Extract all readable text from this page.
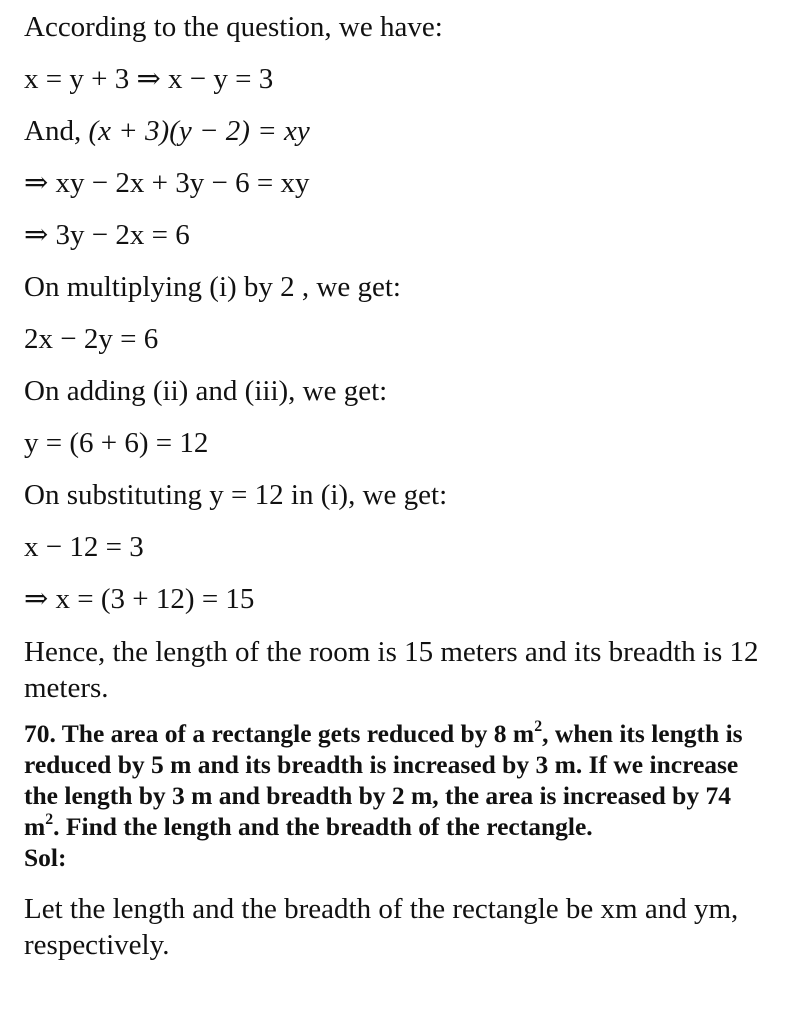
According to the question, we have:
x = y + 3 ⇒ x − y = 3
And, (x + 3)(y − 2) = xy
⇒ xy − 2x + 3y − 6 = xy
⇒ 3y − 2x = 6
On multiplying (i) by 2 , we get:
2x − 2y = 6
On adding (ii) and (iii), we get:
y = (6 + 6) = 12
On substituting y = 12 in (i), we get:
x − 12 = 3
⇒ x = (3 + 12) = 15
Hence, the length of the room is 15 meters and its breadth is 12 meters.
70. The area of a rectangle gets reduced by 8 $m^2$, when its length is reduced by 5 m and its breadth is increased by 3 m. If we increase the length by 3 m and breadth by 2 m, the area is increased by 74 $m^2$. Find the length and the breadth of the rectangle.
Sol:
Let the length and the breadth of the rectangle be xm and ym, respectively.
